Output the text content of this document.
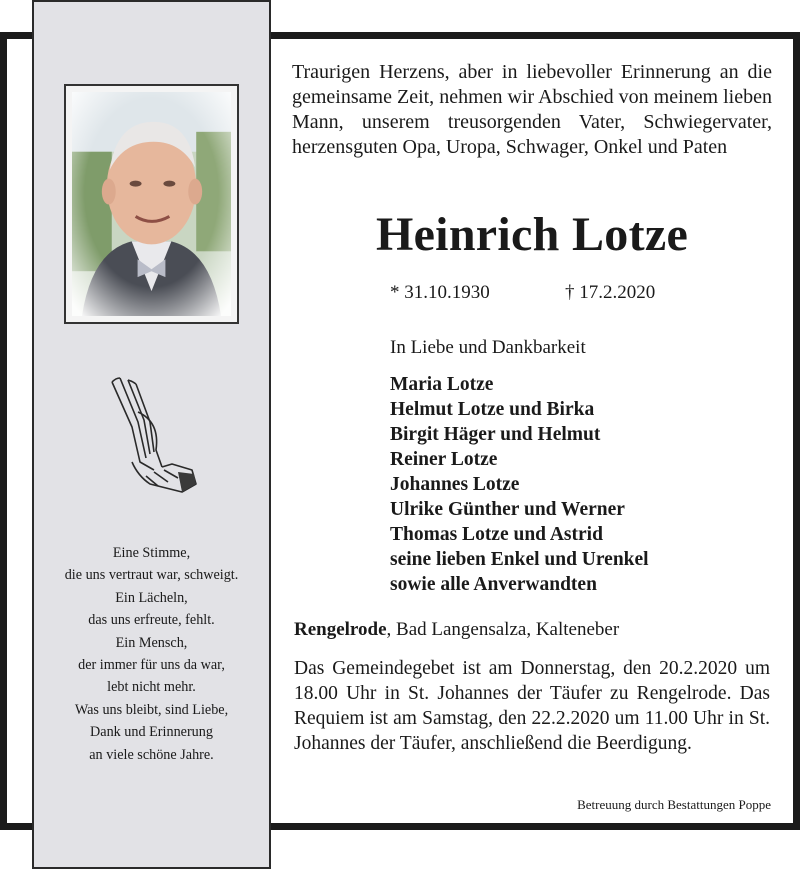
Eine Stimme,
die uns vertraut war, schweigt.
Ein Lächeln,
das uns erfreute, fehlt.
Ein Mensch,
der immer für uns da war,
lebt nicht mehr.
Was uns bleibt, sind Liebe,
Dank und Erinnerung
an viele schöne Jahre.

Traurigen Herzens, aber in liebevoller Erinnerung an die gemeinsame Zeit, nehmen wir Abschied von meinem lieben Mann, unserem treusorgenden Vater, Schwiegervater, herzensguten Opa, Uropa, Schwager, Onkel und Paten

Heinrich Lotze
* 31.10.1930	† 17.2.2020
In Liebe und Dankbarkeit
Maria Lotze
Helmut Lotze und Birka
Birgit Häger und Helmut
Reiner Lotze
Johannes Lotze
Ulrike Günther und Werner
Thomas Lotze und Astrid
seine lieben Enkel und Urenkel
sowie alle Anverwandten
Rengelrode, Bad Langensalza, Kalteneber

Das Gemeindegebet ist am Donnerstag, den 20.2.2020 um 18.00 Uhr in St. Johannes der Täufer zu Rengelrode. Das Requiem ist am Samstag, den 22.2.2020 um 11.00 Uhr in St. Johannes der Täufer, anschließend die Beerdigung.

Betreuung durch Bestattungen Poppe
